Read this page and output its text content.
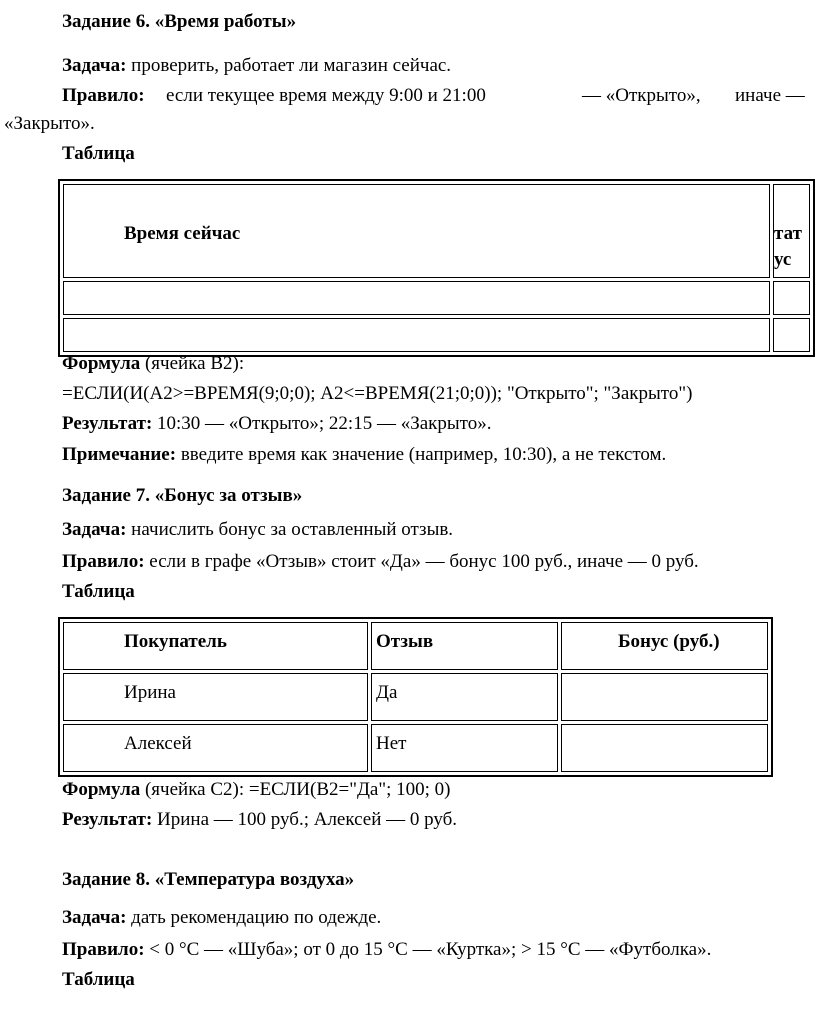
Задание 6. «Время работы»
Задача: проверить, работает ли магазин сейчас.
Правило: если текущее время между 9:00 и 21:00	— «Открыто», иначе —
«Закрыто».
Таблица
Время сейчас	тат
ус

Формула (ячейка B2):
=ЕСЛИ(И(A2>=ВРЕМЯ(9;0;0); A2<=ВРЕМЯ(21;0;0)); "Открыто"; "Закрыто")
Результат: 10:30 — «Открыто»; 22:15 — «Закрыто».
Примечание: введите время как значение (например, 10:30), а не текстом.
Задание 7. «Бонус за отзыв»
Задача: начислить бонус за оставленный отзыв.
Правило: если в графе «Отзыв» стоит «Да» — бонус 100 руб., иначе — 0 руб.
Таблица
Покупатель	Отзыв	Бонус (руб.)

Ирина	Да	

Алексей	Нет	

Формула (ячейка C2): =ЕСЛИ(B2="Да"; 100; 0)
Результат: Ирина — 100 руб.; Алексей — 0 руб.
Задание 8. «Температура воздуха»
Задача: дать рекомендацию по одежде.
Правило: < 0 °C — «Шуба»; от 0 до 15 °C — «Куртка»; > 15 °C — «Футболка».
Таблица
